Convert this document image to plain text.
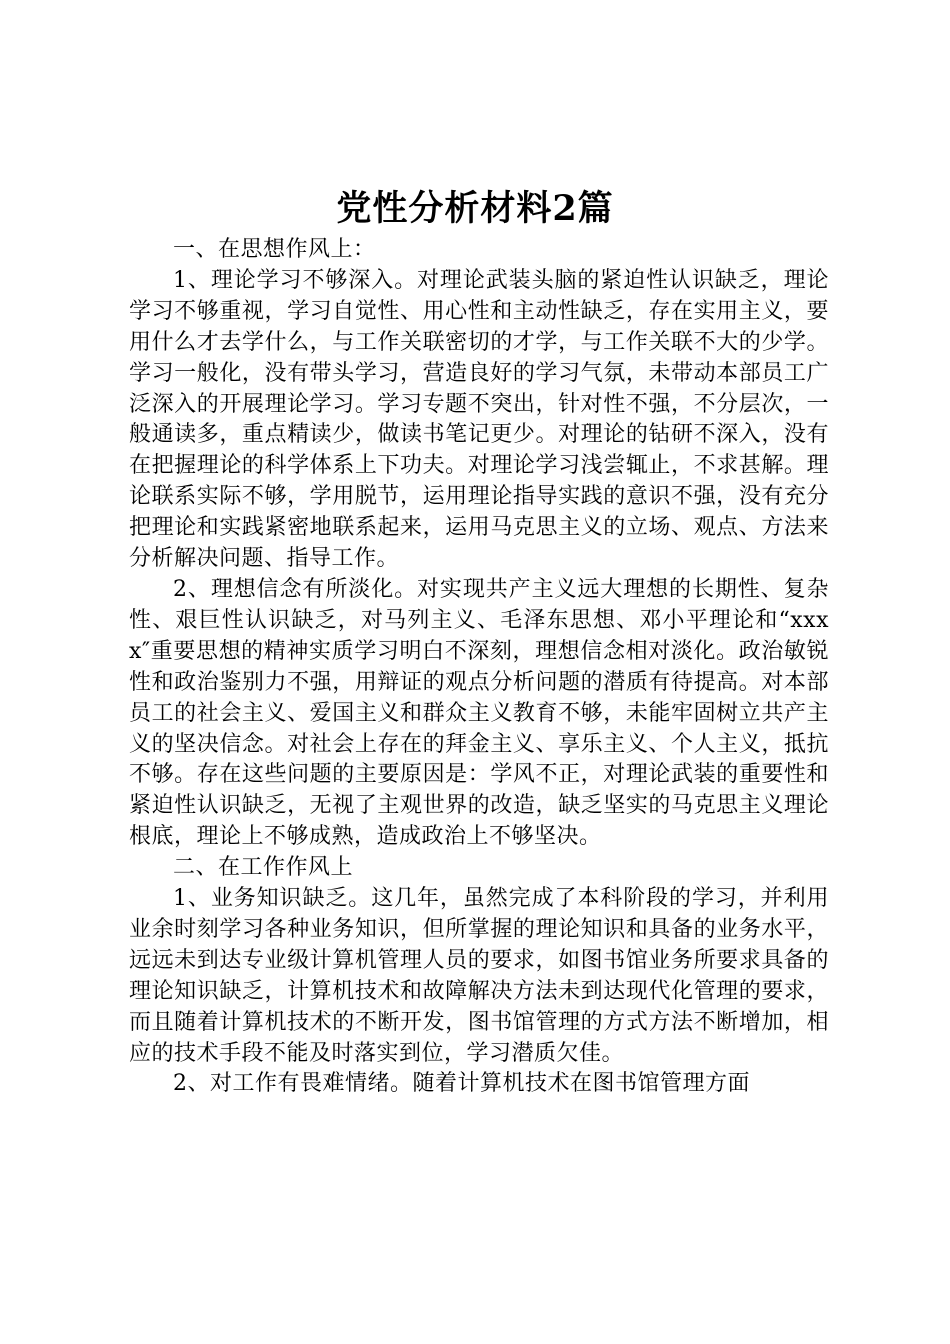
党性分析材料2篇

一、在思想作风上：

1、理论学习不够深入。对理论武装头脑的紧迫性认识缺乏，理论学习不够重视，学习自觉性、用心性和主动性缺乏，存在实用主义，要用什么才去学什么，与工作关联密切的才学，与工作关联不大的少学。学习一般化，没有带头学习，营造良好的学习气氛，未带动本部员工广泛深入的开展理论学习。学习专题不突出，针对性不强，不分层次，一般通读多，重点精读少，做读书笔记更少。对理论的钻研不深入，没有在把握理论的科学体系上下功夫。对理论学习浅尝辄止，不求甚解。理论联系实际不够，学用脱节，运用理论指导实践的意识不强，没有充分把理论和实践紧密地联系起来，运用马克思主义的立场、观点、方法来分析解决问题、指导工作。

2、理想信念有所淡化。对实现共产主义远大理想的长期性、复杂性、艰巨性认识缺乏，对马列主义、毛泽东思想、邓小平理论和“xxxx″重要思想的精神实质学习明白不深刻，理想信念相对淡化。政治敏锐性和政治鉴别力不强，用辩证的观点分析问题的潜质有待提高。对本部员工的社会主义、爱国主义和群众主义教育不够，未能牢固树立共产主义的坚决信念。对社会上存在的拜金主义、享乐主义、个人主义，抵抗不够。存在这些问题的主要原因是：学风不正，对理论武装的重要性和紧迫性认识缺乏，无视了主观世界的改造，缺乏坚实的马克思主义理论根底，理论上不够成熟，造成政治上不够坚决。

二、在工作作风上

1、业务知识缺乏。这几年，虽然完成了本科阶段的学习，并利用业余时刻学习各种业务知识，但所掌握的理论知识和具备的业务水平，远远未到达专业级计算机管理人员的要求，如图书馆业务所要求具备的理论知识缺乏，计算机技术和故障解决方法未到达现代化管理的要求，而且随着计算机技术的不断开发，图书馆管理的方式方法不断增加，相应的技术手段不能及时落实到位，学习潜质欠佳。

2、对工作有畏难情绪。随着计算机技术在图书馆管理方面
